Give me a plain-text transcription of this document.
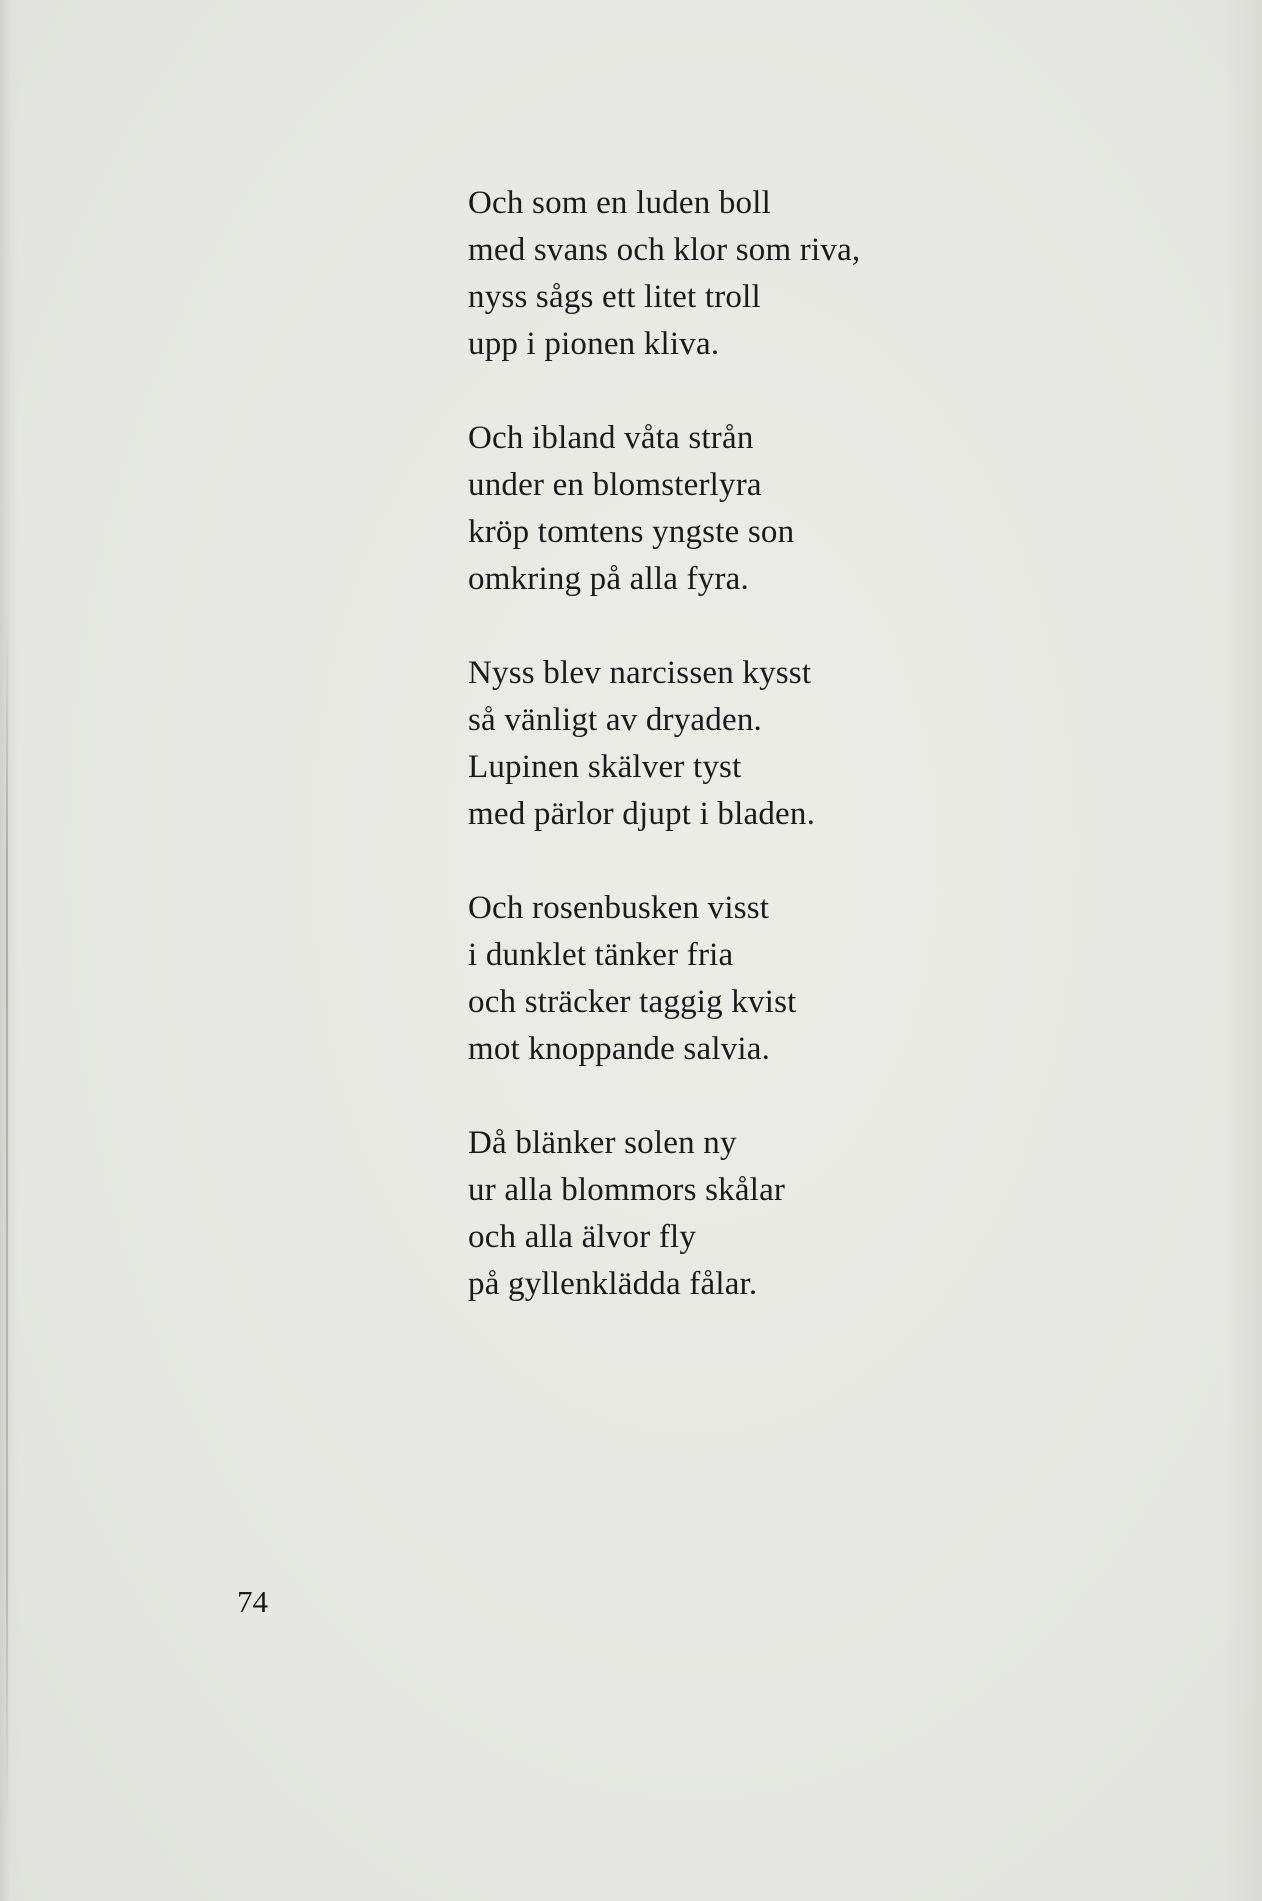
Och som en luden boll
med svans och klor som riva,
nyss sågs ett litet troll
upp i pionen kliva.
Och ibland våta strån
under en blomsterlyra
kröp tomtens yngste son
omkring på alla fyra.
Nyss blev narcissen kysst
så vänligt av dryaden.
Lupinen skälver tyst
med pärlor djupt i bladen.
Och rosenbusken visst
i dunklet tänker fria
och sträcker taggig kvist
mot knoppande salvia.
Då blänker solen ny
ur alla blommors skålar
och alla älvor fly
på gyllenklädda fålar.
74
